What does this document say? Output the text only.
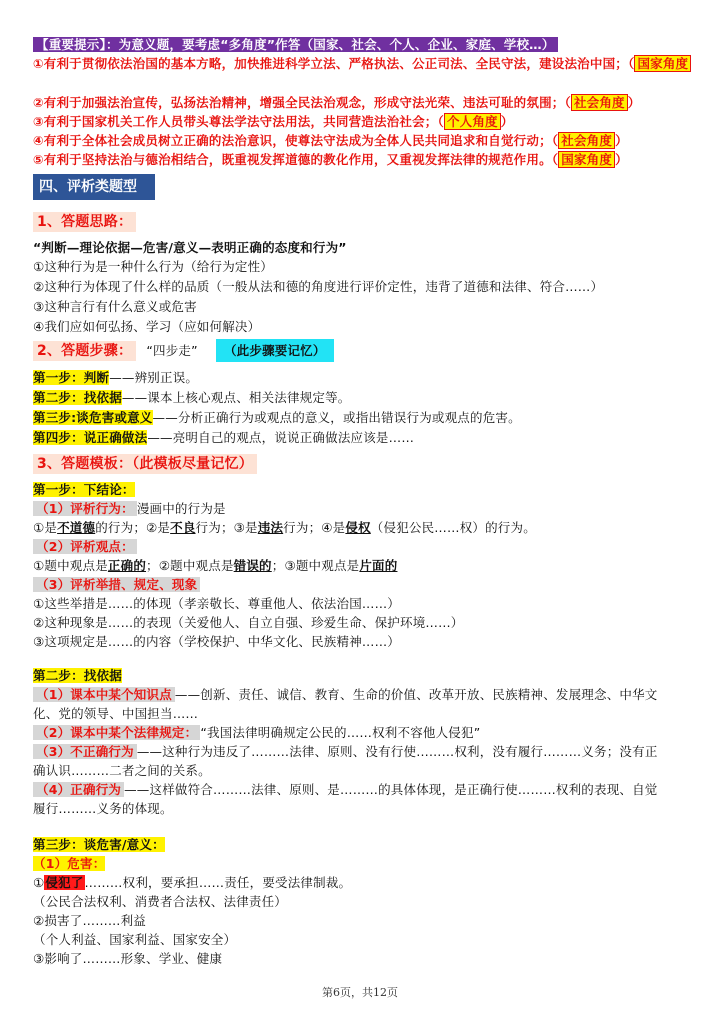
【重要提示】：为意义题，要考虑“多角度”作答（国家、社会、个人、企业、家庭、学校…）
①有利于贯彻依法治国的基本方略，加快推进科学立法、严格执法、公正司法、全民守法，建设法治中国；（ 国家角度
②有利于加强法治宣传，弘扬法治精神，增强全民法治观念，形成守法光荣、违法可耻的氛围；（ 社会角度 ）
③有利于国家机关工作人员带头尊法学法守法用法，共同营造法治社会；（ 个人角度 ）
④有利于全体社会成员树立正确的法治意识，使尊法守法成为全体人民共同追求和自觉行动；（ 社会角度 ）
⑤有利于坚持法治与德治相结合，既重视发挥道德的教化作用，又重视发挥法律的规范作用。（ 国家角度 ）
四、评析类题型
1、答题思路：
“判断—理论依据—危害/意义—表明正确的态度和行为”
①这种行为是一种什么行为（给行为定性）
②这种行为体现了什么样的品质（一般从法和德的角度进行评价定性，违背了道德和法律、符合……）
③这种言行有什么意义或危害
④我们应如何弘扬、学习（应如何解决）
2、答题步骤： “四步走” （此步骤要记忆）
第一步：判断——辨别正误。
第二步：找依据——课本上核心观点、相关法律规定等。
第三步:谈危害或意义——分析正确行为或观点的意义，或指出错误行为或观点的危害。
第四步：说正确做法——亮明自己的观点，说说正确做法应该是……
3、答题模板：（此模板尽量记忆）
第一步：下结论：
（1）评析行为： 漫画中的行为是
①是不道德的行为；②是不良行为；③是违法行为；④是侵权（侵犯公民……权）的行为。
（2）评析观点：
①题中观点是正确的；②题中观点是错误的；③题中观点是片面的
（3）评析举措、规定、现象
①这些举措是……的体现（孝亲敬长、尊重他人、依法治国……）
②这种现象是……的表现（关爱他人、自立自强、珍爱生命、保护环境……）
③这项规定是……的内容（学校保护、中华文化、民族精神……）
第二步：找依据
（1）课本中某个知识点 ——创新、责任、诚信、教育、生命的价值、改革开放、民族精神、发展理念、中华文
化、党的领导、中国担当……
（2）课本中某个法律规定： “我国法律明确规定公民的……权利不容他人侵犯”
（3）不正确行为 ——这种行为违反了………法律、原则、没有行使………权利，没有履行………义务；没有正
确认识………二者之间的关系。
（4）正确行为 ——这样做符合………法律、原则、是………的具体体现，是正确行使………权利的表现、自觉
履行………义务的体现。
第三步：谈危害/意义：
（1）危害：
①侵犯了………权利，要承担……责任，要受法律制裁。
（公民合法权利、消费者合法权、法律责任）
②损害了………利益
（个人利益、国家利益、国家安全）
③影响了………形象、学业、健康
第6页，共12页
